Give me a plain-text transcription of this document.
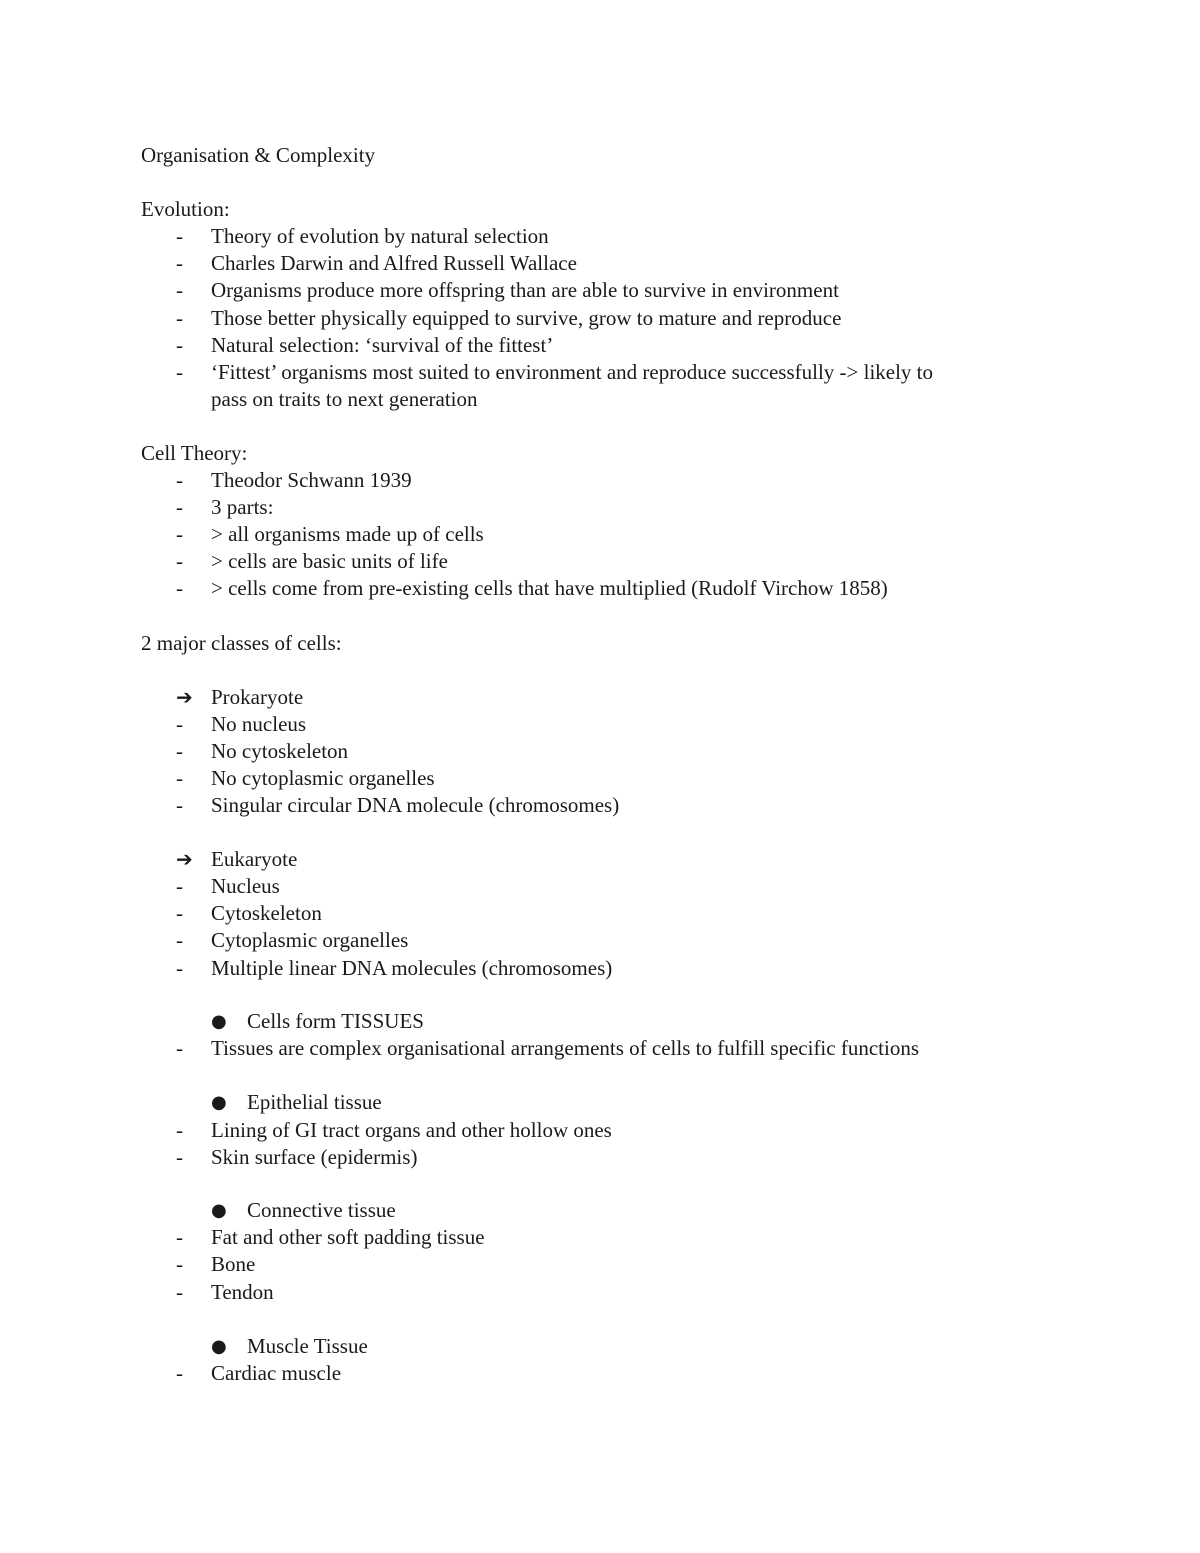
Organisation & Complexity
Evolution:
-	Theory of evolution by natural selection
-	Charles Darwin and Alfred Russell Wallace
-	Organisms produce more offspring than are able to survive in environment
-	Those better physically equipped to survive, grow to mature and reproduce
-	Natural selection: ‘survival of the fittest’
-	‘Fittest’ organisms most suited to environment and reproduce successfully -> likely to
pass on traits to next generation
Cell Theory:
-	Theodor Schwann 1939
-	3 parts:
-	> all organisms made up of cells
-	> cells are basic units of life
-	> cells come from pre-existing cells that have multiplied (Rudolf Virchow 1858)
2 major classes of cells:
➔ Prokaryote
-	No nucleus
-	No cytoskeleton
-	No cytoplasmic organelles
-	Singular circular DNA molecule (chromosomes)
➔ Eukaryote
-	Nucleus
-	Cytoskeleton
-	Cytoplasmic organelles
-	Multiple linear DNA molecules (chromosomes)
● Cells form TISSUES
-	Tissues are complex organisational arrangements of cells to fulfill specific functions
● Epithelial tissue
-	Lining of GI tract organs and other hollow ones
-	Skin surface (epidermis)
● Connective tissue
-	Fat and other soft padding tissue
-	Bone
-	Tendon
● Muscle Tissue
-	Cardiac muscle
